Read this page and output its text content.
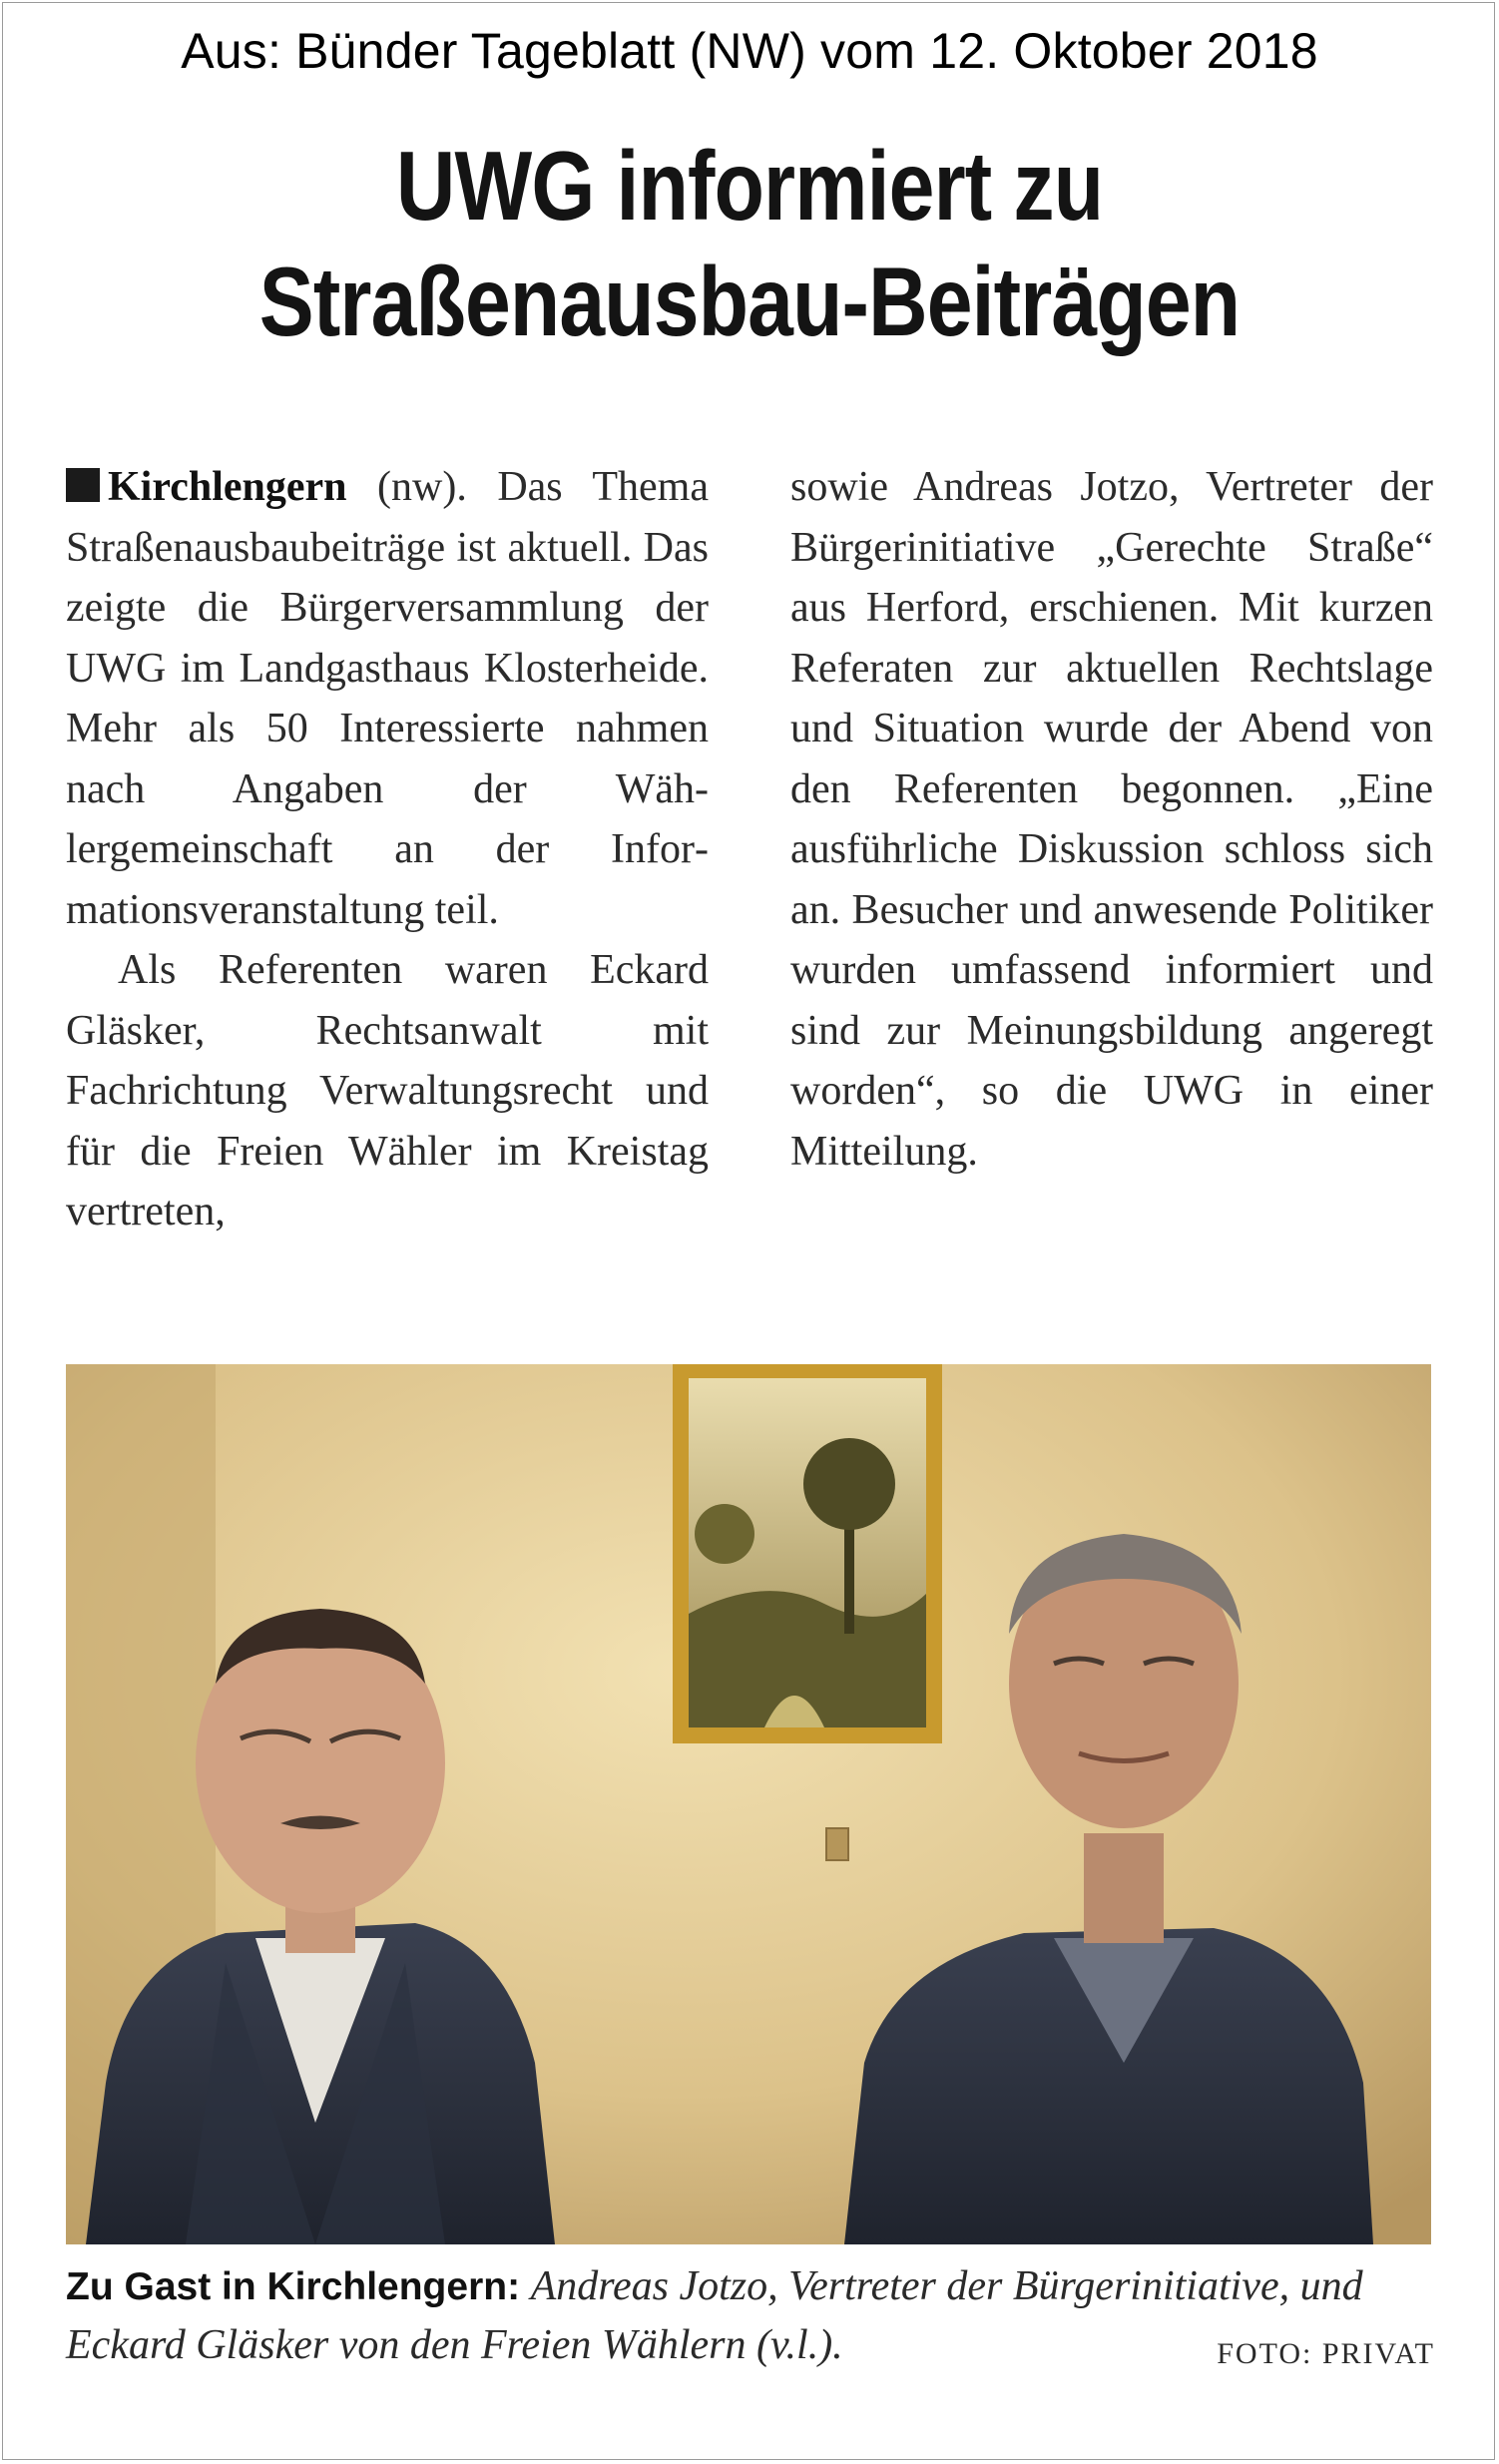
Aus: Bünder Tageblatt (NW) vom 12. Oktober 2018
UWG informiert zu
Straßenausbau-Beiträgen

Kirchlengern (nw). Das Thema Straßenausbaubeiträge ist aktuell. Das zeigte die Bürgerversammlung der UWG im Landgasthaus Klosterheide. Mehr als 50 Interessierte nahmen nach Angaben der Wählergemeinschaft an der Informationsveranstaltung teil.

Als Referenten waren Eckard Gläsker, Rechtsanwalt mit Fachrichtung Verwaltungsrecht und für die Freien Wähler im Kreistag vertreten,

sowie Andreas Jotzo, Vertreter der Bürgerinitiative „Gerechte Straße“ aus Herford, erschienen. Mit kurzen Referaten zur aktuellen Rechtslage und Situation wurde der Abend von den Referenten begonnen. „Eine ausführliche Diskussion schloss sich an. Besucher und anwesende Politiker wurden umfassend informiert und sind zur Meinungsbildung angeregt worden“, so die UWG in einer Mitteilung.

Zu Gast in Kirchlengern: Andreas Jotzo, Vertreter der Bürgerinitiative, und Eckard Gläsker von den Freien Wählern (v.l.).	FOTO: PRIVAT
